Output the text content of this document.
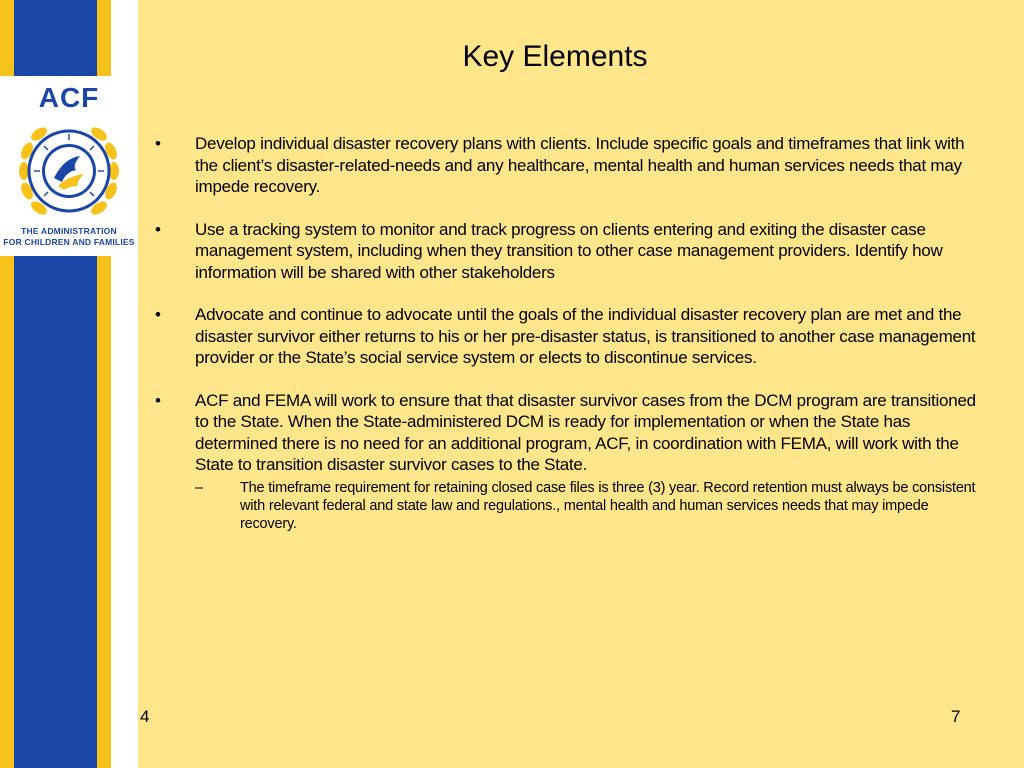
ACF
THE ADMINISTRATION
FOR CHILDREN AND FAMILIES
Key Elements
• Develop individual disaster recovery plans with clients. Include specific goals and timeframes that link with the client’s disaster-related-needs and any healthcare, mental health and human services needs that may impede recovery.
• Use a tracking system to monitor and track progress on clients entering and exiting the disaster case management system, including when they transition to other case management providers. Identify how information will be shared with other stakeholders
• Advocate and continue to advocate until the goals of the individual disaster recovery plan are met and the disaster survivor either returns to his or her pre-disaster status, is transitioned to another case management provider or the State’s social service system or elects to discontinue services.
• ACF and FEMA will work to ensure that that disaster survivor cases from the DCM program are transitioned to the State. When the State-administered DCM is ready for implementation or when the State has determined there is no need for an additional program, ACF, in coordination with FEMA, will work with the State to transition disaster survivor cases to the State.
–	The timeframe requirement for retaining closed case files is three (3) year. Record retention must always be consistent with relevant federal and state law and regulations., mental health and human services needs that may impede recovery.
4	7
